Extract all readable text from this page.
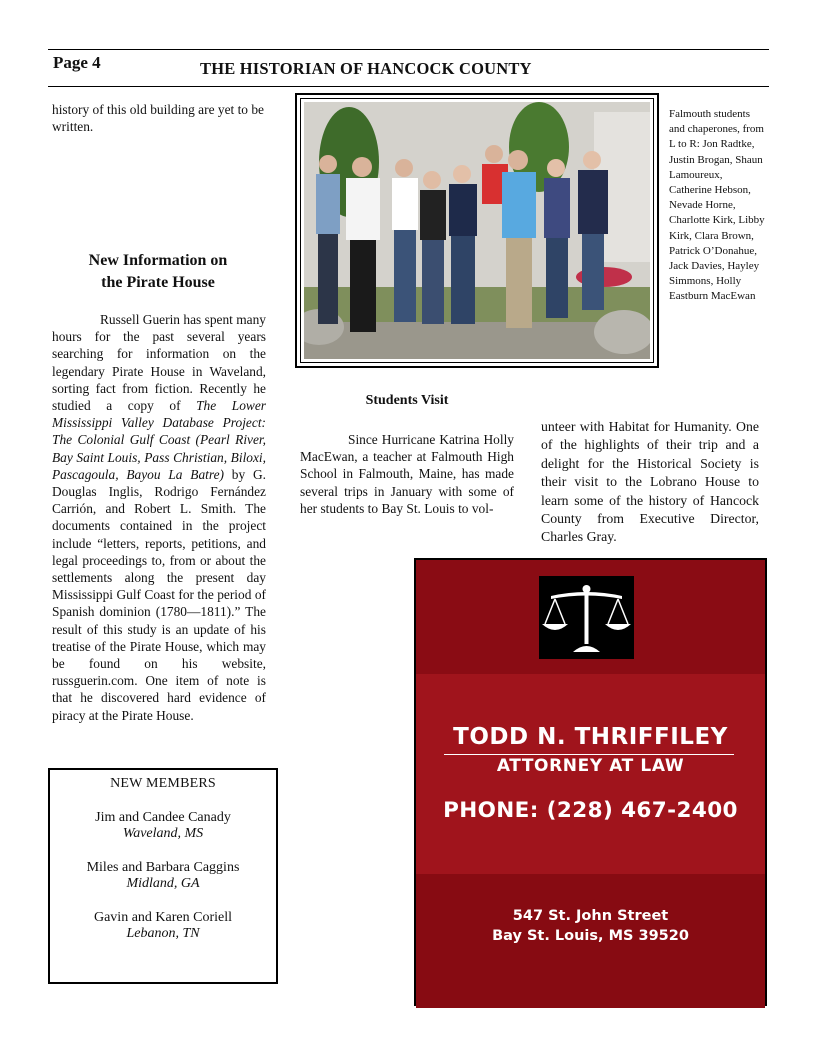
Page 4	THE HISTORIAN OF HANCOCK COUNTY
history of this old building are yet to be written.
New Information on
the Pirate House
Russell Guerin has spent many hours for the past several years searching for information on the legendary Pirate House in Waveland, sorting fact from fiction. Recently he studied a copy of The Lower Mississippi Valley Database Project: The Colonial Gulf Coast (Pearl River, Bay Saint Louis, Pass Christian, Biloxi, Pascagoula, Bayou La Batre) by G. Douglas Inglis, Rodrigo Fernández Carrión, and Robert L. Smith. The documents contained in the project include “letters, reports, petitions, and legal proceedings to, from or about the settlements along the present day Mississippi Gulf Coast for the period of Spanish dominion (1780—1811).” The result of this study is an update of his treatise of the Pirate House, which may be found on his website, russguerin.com. One item of note is that he discovered hard evidence of piracy at the Pirate House.
NEW MEMBERS
Jim and Candee Canady
Waveland, MS
Miles and Barbara Caggins
Midland, GA
Gavin and Karen Coriell
Lebanon, TN
Falmouth students and chaperones, from L to R: Jon Radtke, Justin Brogan, Shaun Lamoureux, Catherine Hebson, Nevade Horne, Charlotte Kirk, Libby Kirk, Clara Brown, Patrick O’Donahue, Jack Davies, Hayley Simmons, Holly Eastburn MacEwan
Students Visit
Since Hurricane Katrina Holly MacEwan, a teacher at Falmouth High School in Falmouth, Maine, has made several trips in January with some of her students to Bay St. Louis to vol-
unteer with Habitat for Humanity. One of the highlights of their trip and a delight for the Historical Society is their visit to the Lobrano House to learn some of the history of Hancock County from Executive Director, Charles Gray.
TODD N. THRIFFILEY
ATTORNEY AT LAW
PHONE: (228) 467-2400
547 St. John Street
Bay St. Louis, MS 39520
